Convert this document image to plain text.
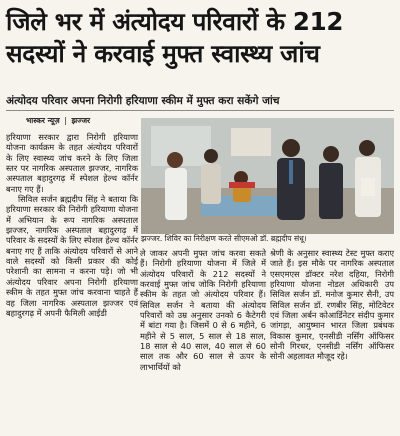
जिले भर में अंत्योदय परिवारों के 212
सदस्यों ने करवाई मुफ्त स्वास्थ्य जांच
अंत्योदय परिवार अपना निरोगी हरियाणा स्कीम में मुफ्त करा सकेंगे जांच
भास्कर न्यूज़ | झज्जर

हरियाणा सरकार द्वारा निरोगी हरियाणा योजना कार्यक्रम के तहत अंत्योदय परिवारों के लिए स्वास्थ्य जांच करने के लिए जिला स्तर पर नागरिक अस्पताल झज्जर, नागरिक अस्पताल बहादुरगढ़ में स्पेशल हेल्थ काॅर्नर बनाए गए हैं।

सिविल सर्जन ब्रह्मदीप सिंह ने बताया कि हरियाणा सरकार की निरोगी हरियाणा योजना में अभियान के रूप नागरिक अस्पताल झज्जर, नागरिक अस्पताल बहादुरगढ़ में परिवार के सदस्यों के लिए स्पेशल हेल्थ कॉर्नर बनाए गए हैं ताकि अंत्योदय परिवारों से आने वाले सदस्यों को किसी प्रकार की कोई परेशानी का सामना न करना पड़े। जो भी अंत्योदय परिवार अपना निरोगी हरियाणा स्कीम के तहत मुफ्त जांच करवाना चाहते हैं वह जिला नागरिक अस्पताल झज्जर एवं बहादुरगढ़ में अपनी फैमिली आईडी

झज्जर. शिविर का निरीक्षण करते सीएमओ डॉ. ब्रह्मदीप संधू।
ले जाकर अपनी मुफ्त जांच करवा सकते हैं। निरोगी हरियाणा योजना में जिले में अंत्योदय परिवारों के 212 सदस्यों ने करवाई मुफ्त जांच जोकि निरोगी हरियाणा स्कीम के तहत जो अंत्योदय परिवार हैं। सिविल सर्जन ने बताया की अंत्योदय परिवारों को उम्र अनुसार उनको 6 कैटेगरी में बांटा गया है। जिसमें 0 से 6 महीने, 6 महीने से 5 साल, 5 साल से 18 साल, 18 साल से 40 साल, 40 साल से 60 साल तक और 60 साल से ऊपर के लाभार्थियों को
श्रेणी के अनुसार स्वास्थ्य टेस्ट मुफ्त कराए जाते हैं। इस मौके पर नागरिक अस्पताल एसएमएस डॉक्टर नरेश दहिया, निरोगी हरियाणा योजना नोडल अधिकारी उप सिविल सर्जन डॉ. मनोज कुमार सैनी, उप सिविल सर्जन डॉ. रणबीर सिंह, मोटिवेटर एवं जिला अर्बन कोआर्डिनेटर संदीप कुमार जांगड़ा, आयुष्मान भारत जिला प्रबंधक विकास कुमार, एनसीडी नर्सिंग ऑफिसर सोनी गिरधर, एनसीडी नर्सिंग ऑफिसर सोनी अहलावत मौजूद रहे।
